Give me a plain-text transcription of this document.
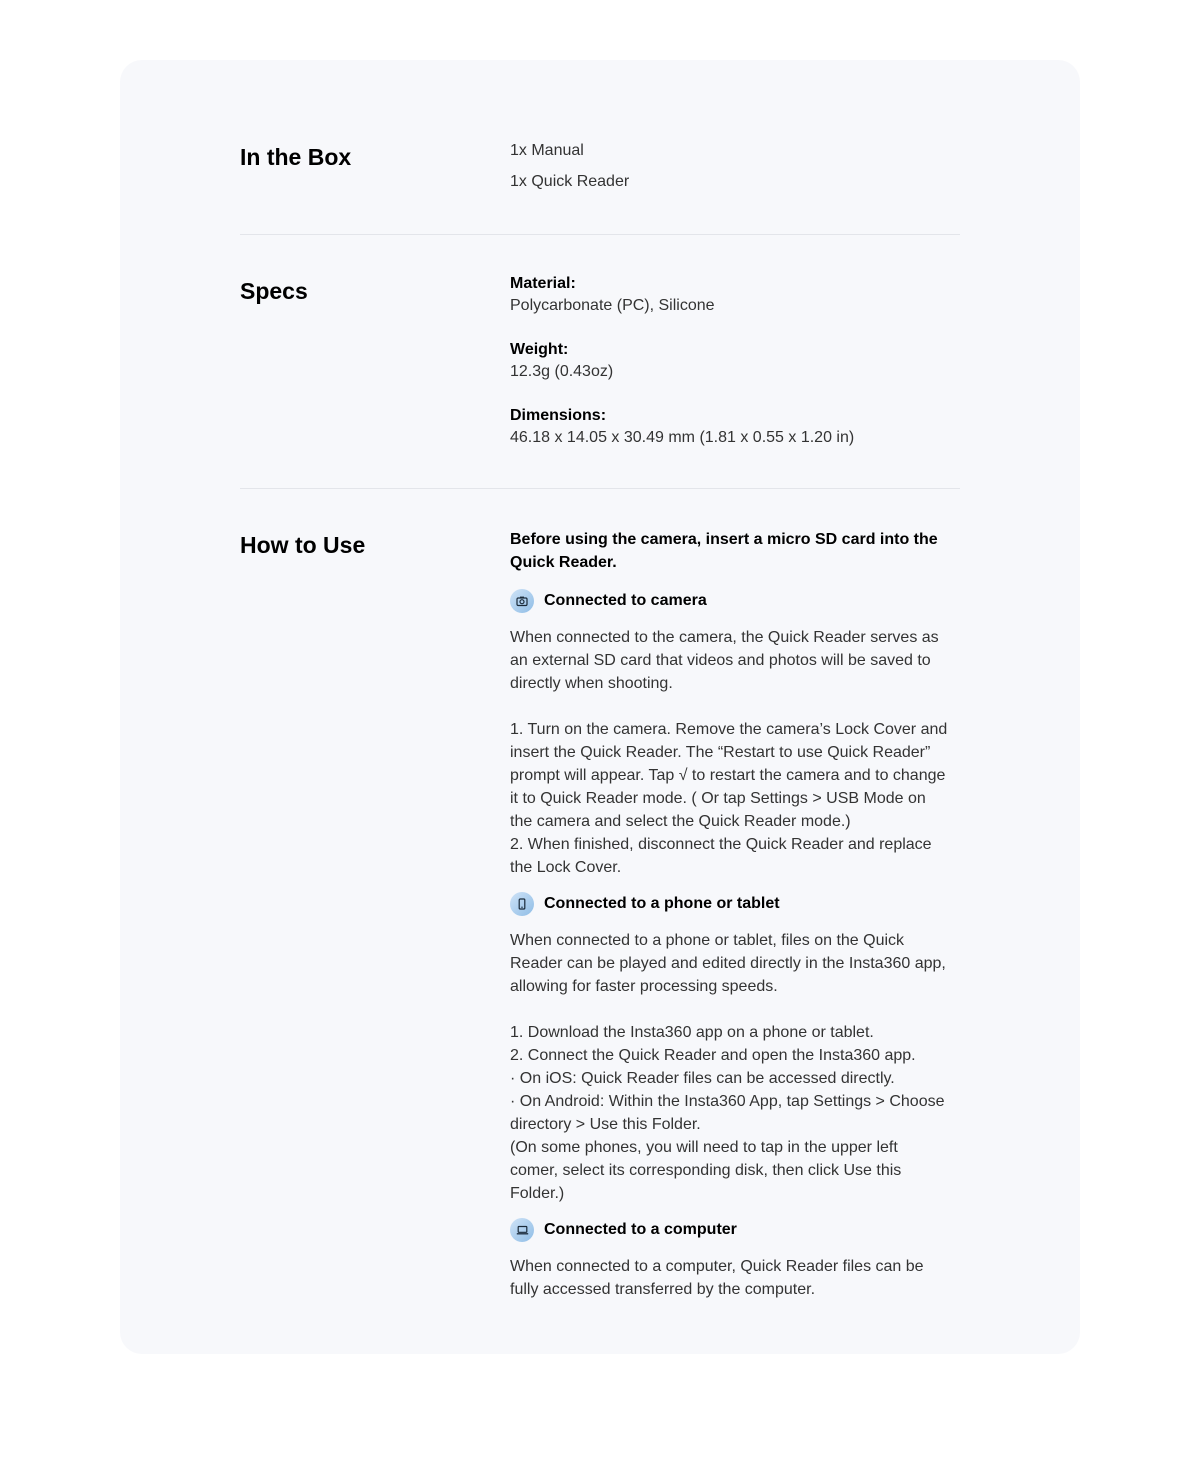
In the Box	1x Manual
1x Quick Reader
Specs	Material:
Polycarbonate (PC), Silicone
Weight:
12.3g (0.43oz)
Dimensions:
46.18 x 14.05 x 30.49 mm (1.81 x 0.55 x 1.20 in)
How to Use	Before using the camera, insert a micro SD card into the Quick Reader.

Connected to camera

When connected to the camera, the Quick Reader serves as an external SD card that videos and photos will be saved to directly when shooting.

1. Turn on the camera. Remove the camera’s Lock Cover and insert the Quick Reader. The “Restart to use Quick Reader” prompt will appear. Tap √ to restart the camera and to change it to Quick Reader mode. ( Or tap Settings > USB Mode on the camera and select the Quick Reader mode.)
2. When finished, disconnect the Quick Reader and replace the Lock Cover.

Connected to a phone or tablet

When connected to a phone or tablet, files on the Quick Reader can be played and edited directly in the Insta360 app, allowing for faster processing speeds.

1. Download the Insta360 app on a phone or tablet.
2. Connect the Quick Reader and open the Insta360 app.
· On iOS: Quick Reader files can be accessed directly.
· On Android: Within the Insta360 App, tap Settings > Choose directory > Use this Folder.
(On some phones, you will need to tap in the upper left comer, select its corresponding disk, then click Use this Folder.)

Connected to a computer

When connected to a computer, Quick Reader files can be fully accessed transferred by the computer.
